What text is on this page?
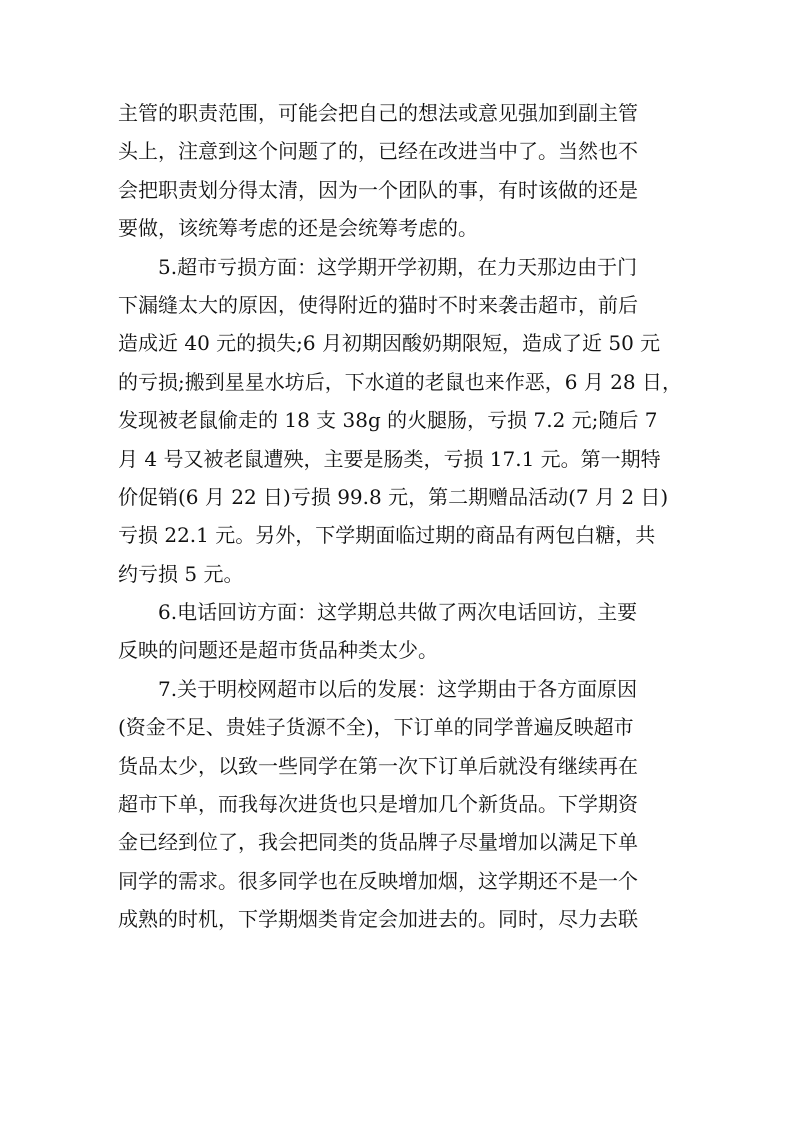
主管的职责范围，可能会把自己的想法或意见强加到副主管
头上，注意到这个问题了的，已经在改进当中了。当然也不
会把职责划分得太清，因为一个团队的事，有时该做的还是
要做，该统筹考虑的还是会统筹考虑的。
5.超市亏损方面：这学期开学初期，在力天那边由于门
下漏缝太大的原因，使得附近的猫时不时来袭击超市，前后
造成近 40 元的损失;6 月初期因酸奶期限短，造成了近 50 元
的亏损;搬到星星水坊后，下水道的老鼠也来作恶，6 月 28 日，
发现被老鼠偷走的 18 支 38g 的火腿肠，亏损 7.2 元;随后 7
月 4 号又被老鼠遭殃，主要是肠类，亏损 17.1 元。第一期特
价促销(6 月 22 日)亏损 99.8 元，第二期赠品活动(7 月 2 日)
亏损 22.1 元。另外，下学期面临过期的商品有两包白糖，共
约亏损 5 元。
6.电话回访方面：这学期总共做了两次电话回访，主要
反映的问题还是超市货品种类太少。
7.关于明校网超市以后的发展：这学期由于各方面原因
(资金不足、贵娃子货源不全)，下订单的同学普遍反映超市
货品太少，以致一些同学在第一次下订单后就没有继续再在
超市下单，而我每次进货也只是增加几个新货品。下学期资
金已经到位了，我会把同类的货品牌子尽量增加以满足下单
同学的需求。很多同学也在反映增加烟，这学期还不是一个
成熟的时机，下学期烟类肯定会加进去的。同时，尽力去联
